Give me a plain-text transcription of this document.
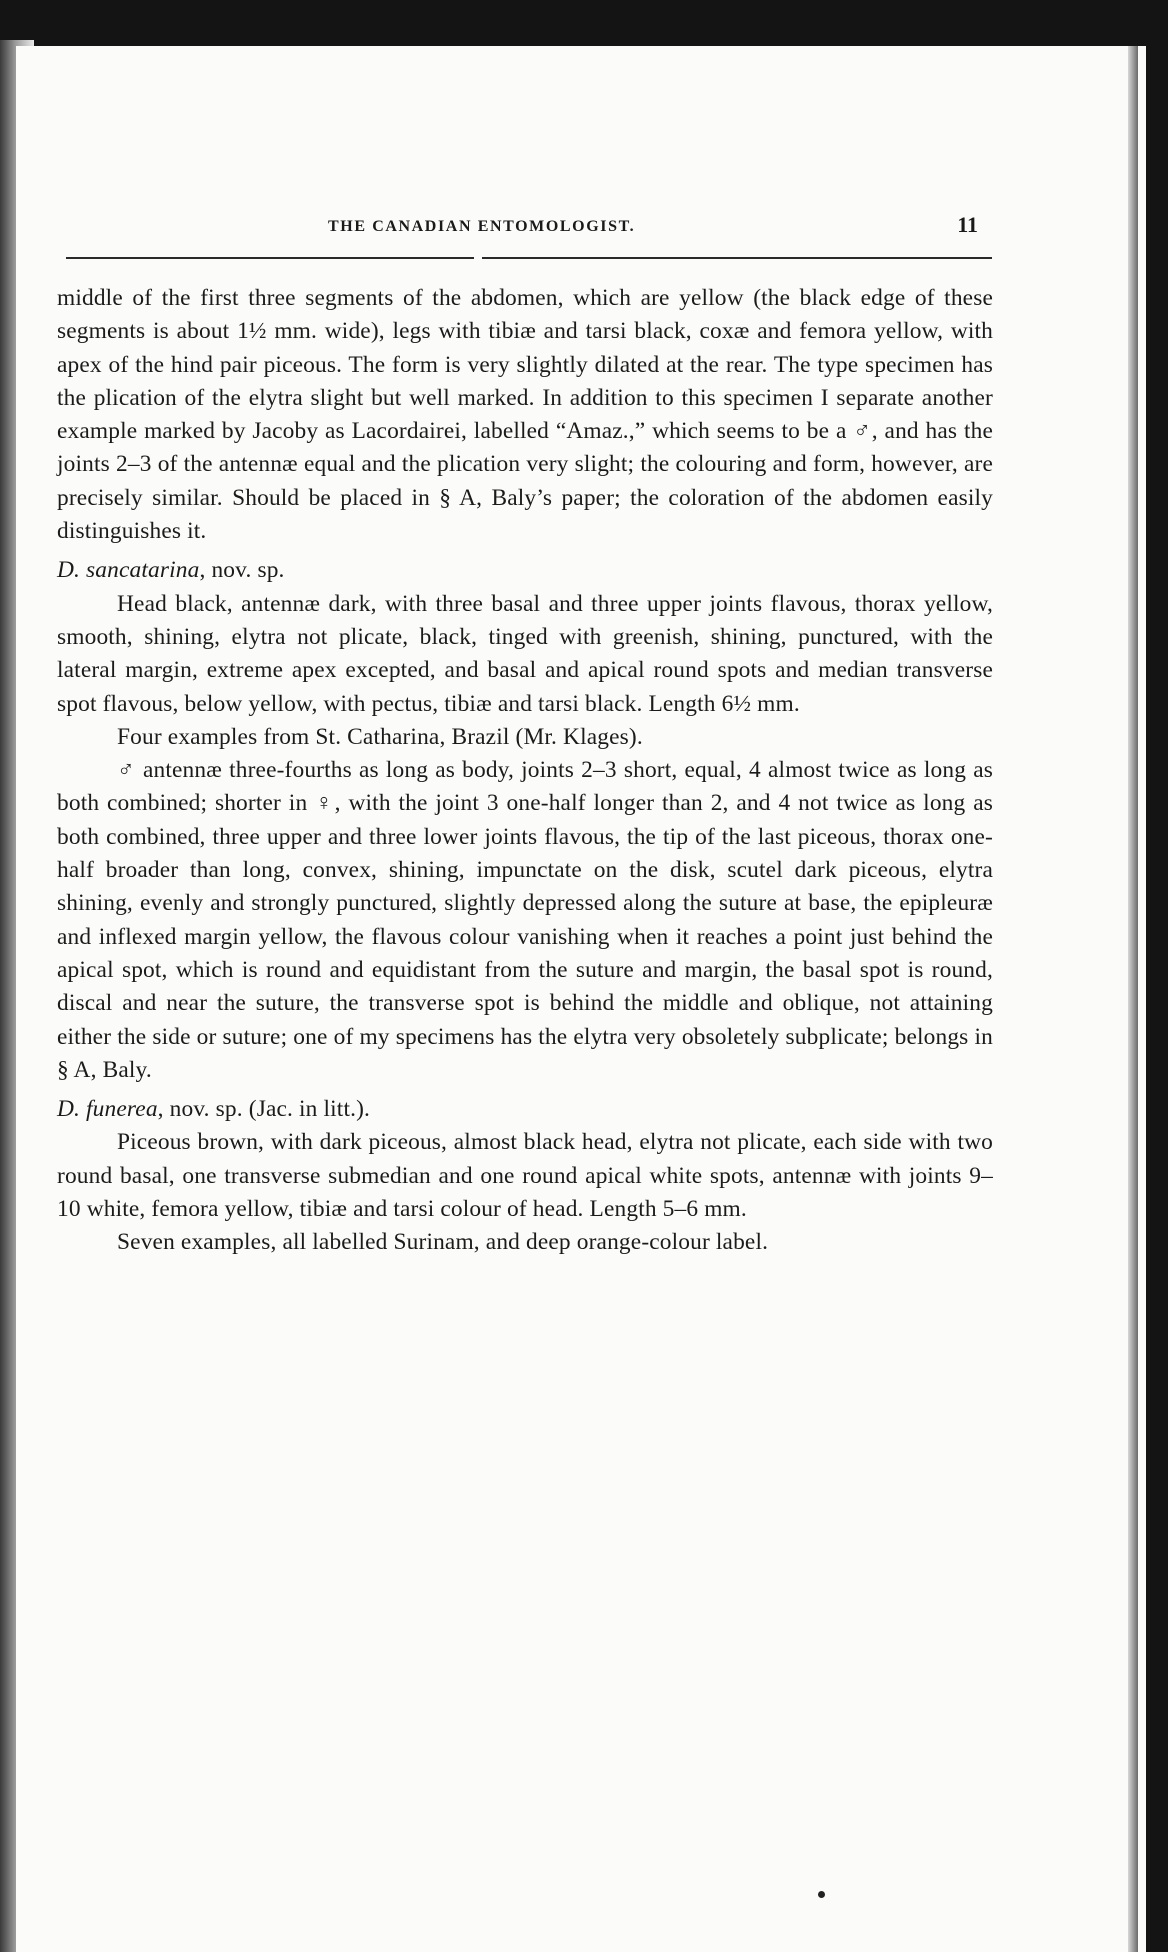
THE CANADIAN ENTOMOLOGIST.	11

middle of the first three segments of the abdomen, which are yellow (the black edge of these segments is about 1½ mm. wide), legs with tibiæ and tarsi black, coxæ and femora yellow, with apex of the hind pair piceous. The form is very slightly dilated at the rear. The type specimen has the plication of the elytra slight but well marked. In addition to this specimen I separate another example marked by Jacoby as Lacordairei, labelled “Amaz.,” which seems to be a ♂, and has the joints 2–3 of the antennæ equal and the plication very slight; the colouring and form, however, are precisely similar. Should be placed in § A, Baly’s paper; the coloration of the abdomen easily distinguishes it.

D. sancatarina, nov. sp.

Head black, antennæ dark, with three basal and three upper joints flavous, thorax yellow, smooth, shining, elytra not plicate, black, tinged with greenish, shining, punctured, with the lateral margin, extreme apex excepted, and basal and apical round spots and median transverse spot flavous, below yellow, with pectus, tibiæ and tarsi black. Length 6½ mm.

Four examples from St. Catharina, Brazil (Mr. Klages).

♂ antennæ three-fourths as long as body, joints 2–3 short, equal, 4 almost twice as long as both combined; shorter in ♀, with the joint 3 one-half longer than 2, and 4 not twice as long as both combined, three upper and three lower joints flavous, the tip of the last piceous, thorax one-half broader than long, convex, shining, impunctate on the disk, scutel dark piceous, elytra shining, evenly and strongly punctured, slightly depressed along the suture at base, the epipleuræ and inflexed margin yellow, the flavous colour vanishing when it reaches a point just behind the apical spot, which is round and equidistant from the suture and margin, the basal spot is round, discal and near the suture, the transverse spot is behind the middle and oblique, not attaining either the side or suture; one of my specimens has the elytra very obsoletely subplicate; belongs in § A, Baly.

D. funerea, nov. sp. (Jac. in litt.).

Piceous brown, with dark piceous, almost black head, elytra not plicate, each side with two round basal, one transverse submedian and one round apical white spots, antennæ with joints 9–10 white, femora yellow, tibiæ and tarsi colour of head. Length 5–6 mm.

Seven examples, all labelled Surinam, and deep orange-colour label.
